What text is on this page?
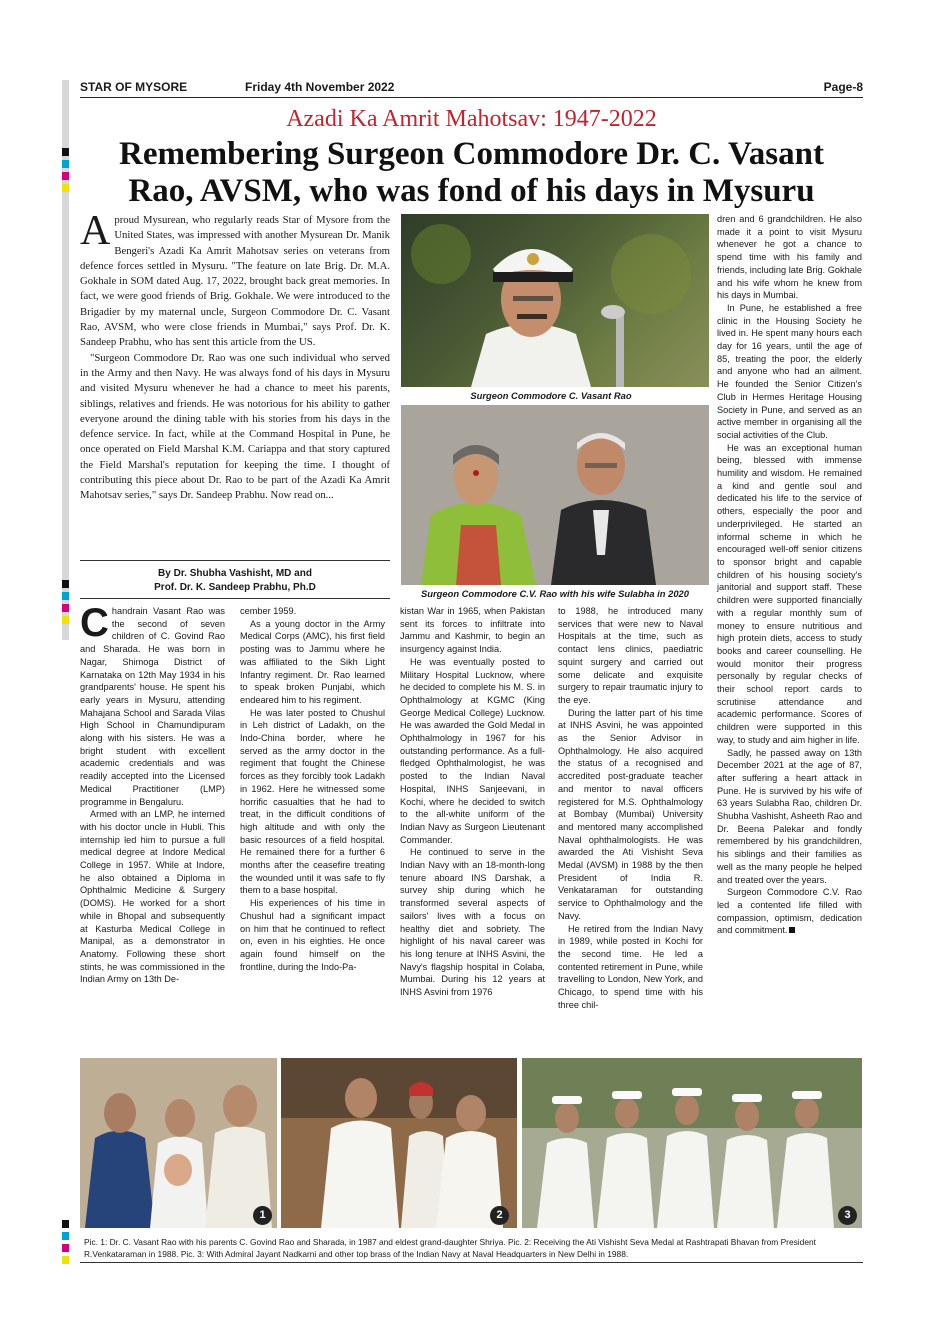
STAR OF MYSORE	Friday 4th November 2022	Page-8
Azadi Ka Amrit Mahotsav: 1947-2022
Remembering Surgeon Commodore Dr. C. Vasant
Rao, AVSM, who was fond of his days in Mysuru

Aproud Mysurean, who regularly reads Star of Mysore from the United States, was impressed with another Mysurean Dr. Manik Bengeri's Azadi Ka Amrit Mahotsav series on veterans from defence forces settled in Mysuru. "The feature on late Brig. Dr. M.A. Gokhale in SOM dated Aug. 17, 2022, brought back great memories. In fact, we were good friends of Brig. Gokhale. We were introduced to the Brigadier by my maternal uncle, Surgeon Commodore Dr. C. Vasant Rao, AVSM, who were close friends in Mumbai," says Prof. Dr. K. Sandeep Prabhu, who has sent this article from the US.

"Surgeon Commodore Dr. Rao was one such individual who served in the Army and then Navy. He was always fond of his days in Mysuru and visited Mysuru whenever he had a chance to meet his parents, siblings, relatives and friends. He was notorious for his ability to gather everyone around the dining table with his stories from his days in the defence service. In fact, while at the Command Hospital in Pune, he once operated on Field Marshal K.M. Cariappa and that story captured the Field Marshal's reputation for keeping the time. I thought of contributing this piece about Dr. Rao to be part of the Azadi Ka Amrit Mahotsav series," says Dr. Sandeep Prabhu. Now read on...

By Dr. Shubha Vashisht, MD and
Prof. Dr. K. Sandeep Prabhu, Ph.D
Surgeon Commodore C. Vasant Rao
Surgeon Commodore C.V. Rao with his wife Sulabha in 2020

Chandrain Vasant Rao was the second of seven children of C. Govind Rao and Sharada. He was born in Nagar, Shimoga District of Karnataka on 12th May 1934 in his grandparents' house. He spent his early years in Mysuru, attending Mahajana School and Sarada Vilas High School in Chamundipuram along with his sisters. He was a bright student with excellent academic credentials and was readily accepted into the Licensed Medical Practitioner (LMP) programme in Bengaluru.

Armed with an LMP, he interned with his doctor uncle in Hubli. This internship led him to pursue a full medical degree at Indore Medical College in 1957. While at Indore, he also obtained a Diploma in Ophthalmic Medicine & Surgery (DOMS). He worked for a short while in Bhopal and subsequently at Kasturba Medical College in Manipal, as a demonstrator in Anatomy. Following these short stints, he was commissioned in the Indian Army on 13th De-

cember 1959.

As a young doctor in the Army Medical Corps (AMC), his first field posting was to Jammu where he was affiliated to the Sikh Light Infantry regiment. Dr. Rao learned to speak broken Punjabi, which endeared him to his regiment.

He was later posted to Chushul in Leh district of Ladakh, on the Indo-China border, where he served as the army doctor in the regiment that fought the Chinese forces as they forcibly took Ladakh in 1962. Here he witnessed some horrific casualties that he had to treat, in the difficult conditions of high altitude and with only the basic resources of a field hospital. He remained there for a further 6 months after the ceasefire treating the wounded until it was safe to fly them to a base hospital.

His experiences of his time in Chushul had a significant impact on him that he continued to reflect on, even in his eighties. He once again found himself on the frontline, during the Indo-Pa-

kistan War in 1965, when Pakistan sent its forces to infiltrate into Jammu and Kashmir, to begin an insurgency against India.

He was eventually posted to Military Hospital Lucknow, where he decided to complete his M. S. in Ophthalmology at KGMC (King George Medical College) Lucknow. He was awarded the Gold Medal in Ophthalmology in 1967 for his outstanding performance. As a full-fledged Ophthalmologist, he was posted to the Indian Naval Hospital, INHS Sanjeevani, in Kochi, where he decided to switch to the all-white uniform of the Indian Navy as Surgeon Lieutenant Commander.

He continued to serve in the Indian Navy with an 18-month-long tenure aboard INS Darshak, a survey ship during which he transformed several aspects of sailors' lives with a focus on healthy diet and sobriety. The highlight of his naval career was his long tenure at INHS Asvini, the Navy's flagship hospital in Colaba, Mumbai. During his 12 years at INHS Asvini from 1976

to 1988, he introduced many services that were new to Naval Hospitals at the time, such as contact lens clinics, paediatric squint surgery and carried out some delicate and exquisite surgery to repair traumatic injury to the eye.

During the latter part of his time at INHS Asvini, he was appointed as the Senior Advisor in Ophthalmology. He also acquired the status of a recognised and accredited post-graduate teacher and mentor to naval officers registered for M.S. Ophthalmology at Bombay (Mumbai) University and mentored many accomplished Naval ophthalmologists. He was awarded the Ati Vishisht Seva Medal (AVSM) in 1988 by the then President of India R. Venkataraman for outstanding service to Ophthalmology and the Navy.

He retired from the Indian Navy in 1989, while posted in Kochi for the second time. He led a contented retirement in Pune, while travelling to London, New York, and Chicago, to spend time with his three chil-

dren and 6 grandchildren. He also made it a point to visit Mysuru whenever he got a chance to spend time with his family and friends, including late Brig. Gokhale and his wife whom he knew from his days in Mumbai.

In Pune, he established a free clinic in the Housing Society he lived in. He spent many hours each day for 16 years, until the age of 85, treating the poor, the elderly and anyone who had an ailment. He founded the Senior Citizen's Club in Hermes Heritage Housing Society in Pune, and served as an active member in organising all the social activities of the Club.

He was an exceptional human being, blessed with immense humility and wisdom. He remained a kind and gentle soul and dedicated his life to the service of others, especially the poor and underprivileged. He started an informal scheme in which he encouraged well-off senior citizens to sponsor bright and capable children of his housing society's janitorial and support staff. These children were supported financially with a regular monthly sum of money to ensure nutritious and high protein diets, access to study books and career counselling. He would monitor their progress personally by regular checks of their school report cards to scrutinise attendance and academic performance. Scores of children were supported in this way, to study and aim higher in life.

Sadly, he passed away on 13th December 2021 at the age of 87, after suffering a heart attack in Pune. He is survived by his wife of 63 years Sulabha Rao, children Dr. Shubha Vashisht, Asheeth Rao and Dr. Beena Palekar and fondly remembered by his grandchildren, his siblings and their families as well as the many people he helped and treated over the years.

Surgeon Commodore C.V. Rao led a contented life filled with compassion, optimism, dedication and commitment.

1	2	3
Pic. 1: Dr. C. Vasant Rao with his parents C. Govind Rao and Sharada, in 1987 and eldest grand-daughter Shriya. Pic. 2: Receiving the Ati Vishisht Seva Medal at Rashtrapati Bhavan from President R.Venkataraman in 1988. Pic. 3: With Admiral Jayant Nadkarni and other top brass of the Indian Navy at Naval Headquarters in New Delhi in 1988.
